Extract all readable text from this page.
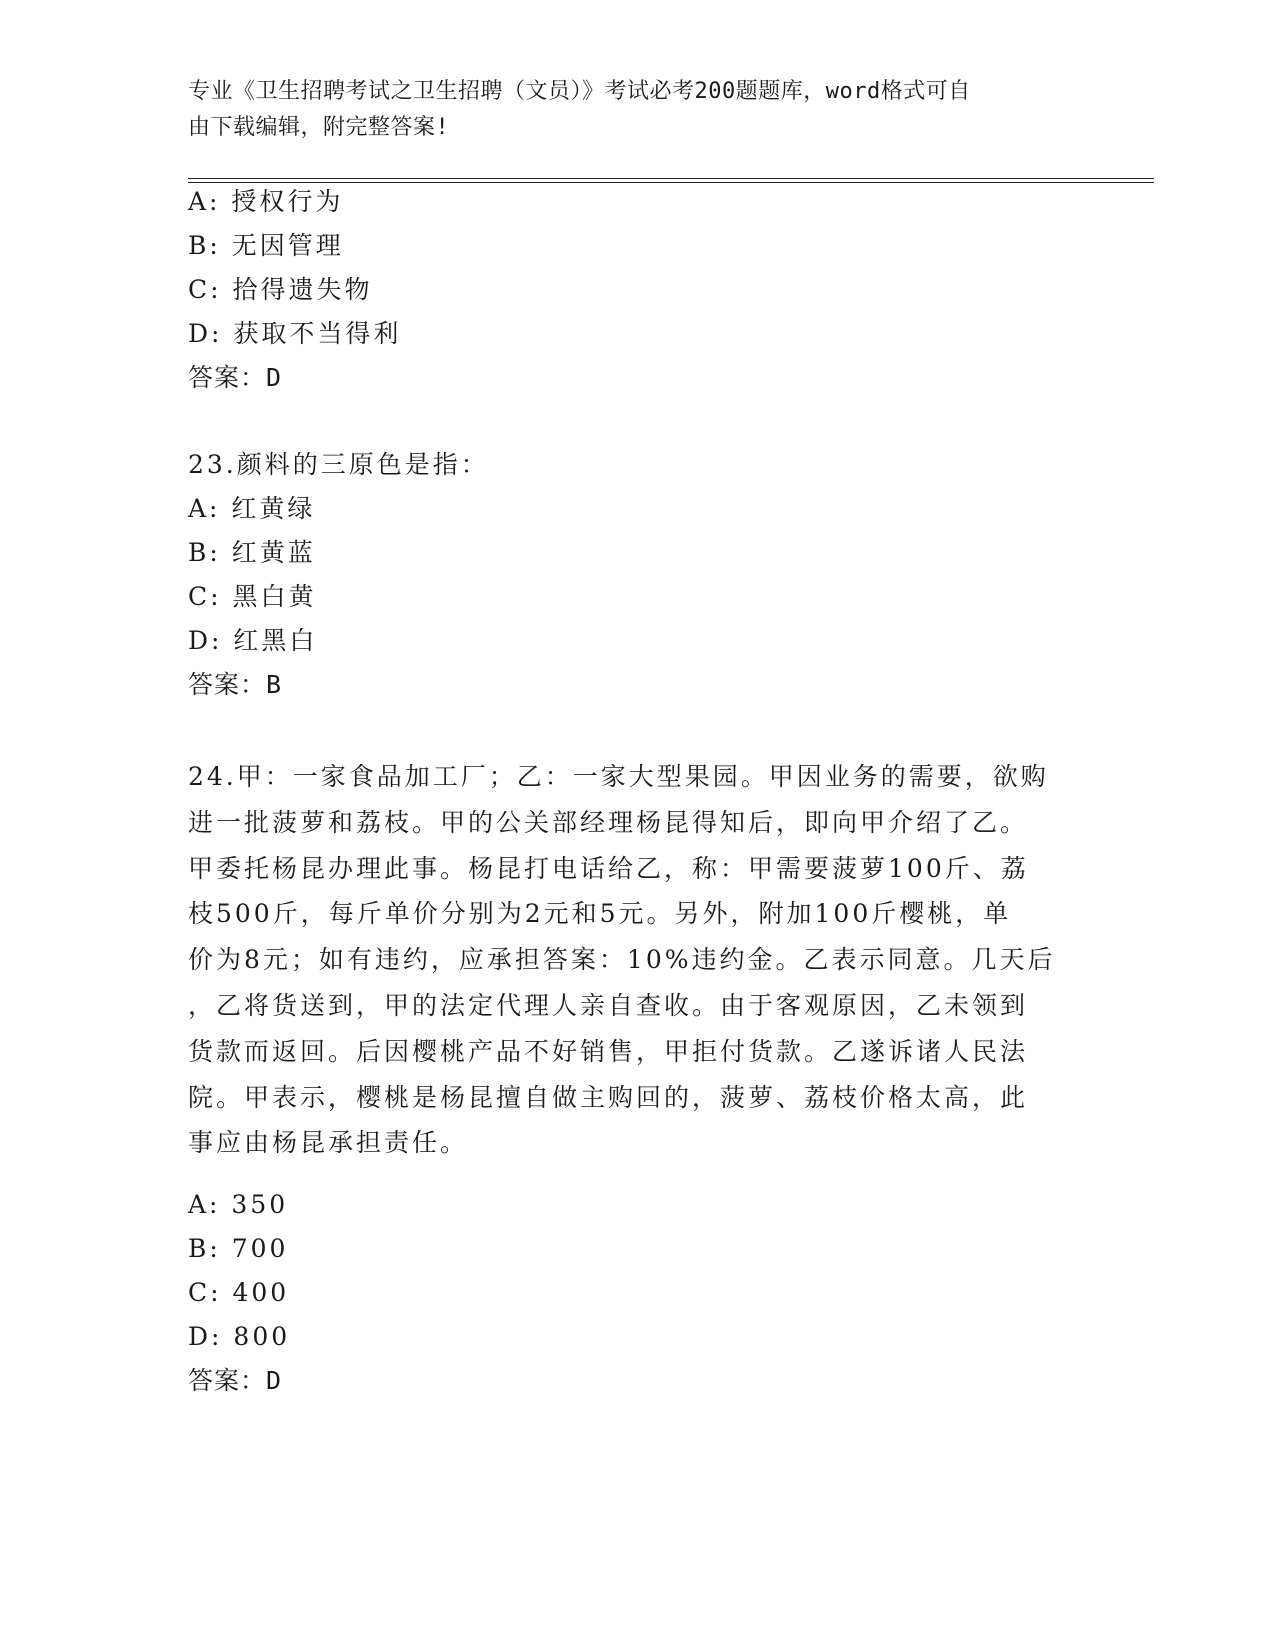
专业《卫生招聘考试之卫生招聘（文员）》考试必考200题题库，word格式可自
由下载编辑，附完整答案!
A: 授权行为
B: 无因管理
C: 拾得遗失物
D: 获取不当得利
答案：D
23.颜料的三原色是指：
A: 红黄绿
B: 红黄蓝
C: 黑白黄
D: 红黑白
答案：B
24.甲：一家食品加工厂；乙：一家大型果园。甲因业务的需要，欲购
进一批菠萝和荔枝。甲的公关部经理杨昆得知后，即向甲介绍了乙。
甲委托杨昆办理此事。杨昆打电话给乙，称：甲需要菠萝100斤、荔
枝500斤，每斤单价分别为2元和5元。另外，附加100斤樱桃，单
价为8元；如有违约，应承担答案：10%违约金。乙表示同意。几天后
，乙将货送到，甲的法定代理人亲自查收。由于客观原因，乙未领到
货款而返回。后因樱桃产品不好销售，甲拒付货款。乙遂诉诸人民法
院。甲表示，樱桃是杨昆擅自做主购回的，菠萝、荔枝价格太高，此
事应由杨昆承担责任。
A: 350
B: 700
C: 400
D: 800
答案：D
